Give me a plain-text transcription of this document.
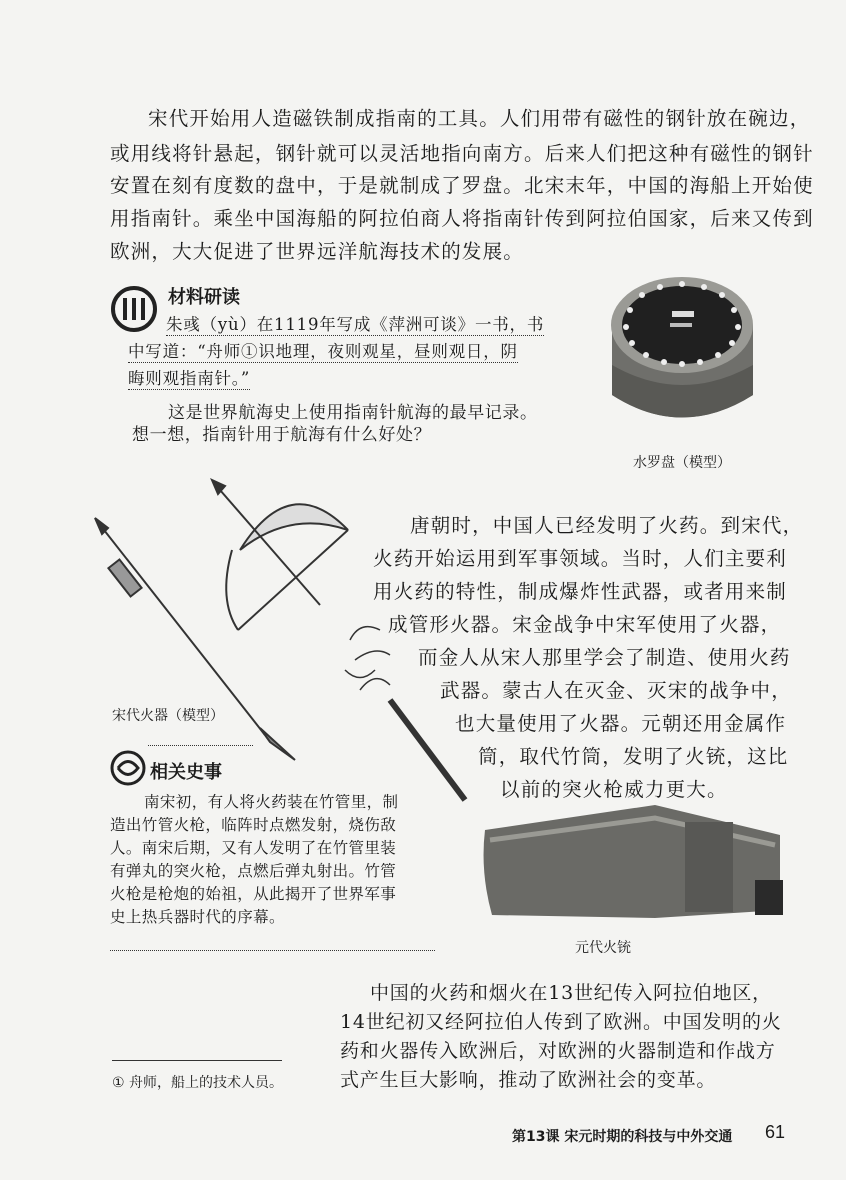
宋代开始用人造磁铁制成指南的工具。人们用带有磁性的钢针放在碗边，
或用线将针悬起，钢针就可以灵活地指向南方。后来人们把这种有磁性的钢针
安置在刻有度数的盘中，于是就制成了罗盘。北宋末年，中国的海船上开始使
用指南针。乘坐中国海船的阿拉伯商人将指南针传到阿拉伯国家，后来又传到
欧洲，大大促进了世界远洋航海技术的发展。
材料研读
朱彧（yù）在1119年写成《萍洲可谈》一书，书
中写道：“舟师①识地理，夜则观星，昼则观日，阴
晦则观指南针。”
这是世界航海史上使用指南针航海的最早记录。
想一想，指南针用于航海有什么好处？
水罗盘（模型）
宋代火器（模型）
唐朝时，中国人已经发明了火药。到宋代，
火药开始运用到军事领域。当时，人们主要利
用火药的特性，制成爆炸性武器，或者用来制
成管形火器。宋金战争中宋军使用了火器，
而金人从宋人那里学会了制造、使用火药
武器。蒙古人在灭金、灭宋的战争中，
也大量使用了火器。元朝还用金属作
筒，取代竹筒，发明了火铳，这比
以前的突火枪威力更大。
相关史事
南宋初，有人将火药装在竹管里，制
造出竹管火枪，临阵时点燃发射，烧伤敌
人。南宋后期，又有人发明了在竹管里装
有弹丸的突火枪，点燃后弹丸射出。竹管
火枪是枪炮的始祖，从此揭开了世界军事
史上热兵器时代的序幕。
元代火铳
中国的火药和烟火在13世纪传入阿拉伯地区，
14世纪初又经阿拉伯人传到了欧洲。中国发明的火
药和火器传入欧洲后，对欧洲的火器制造和作战方
式产生巨大影响，推动了欧洲社会的变革。
① 舟师，船上的技术人员。
第13课 宋元时期的科技与中外交通 61
